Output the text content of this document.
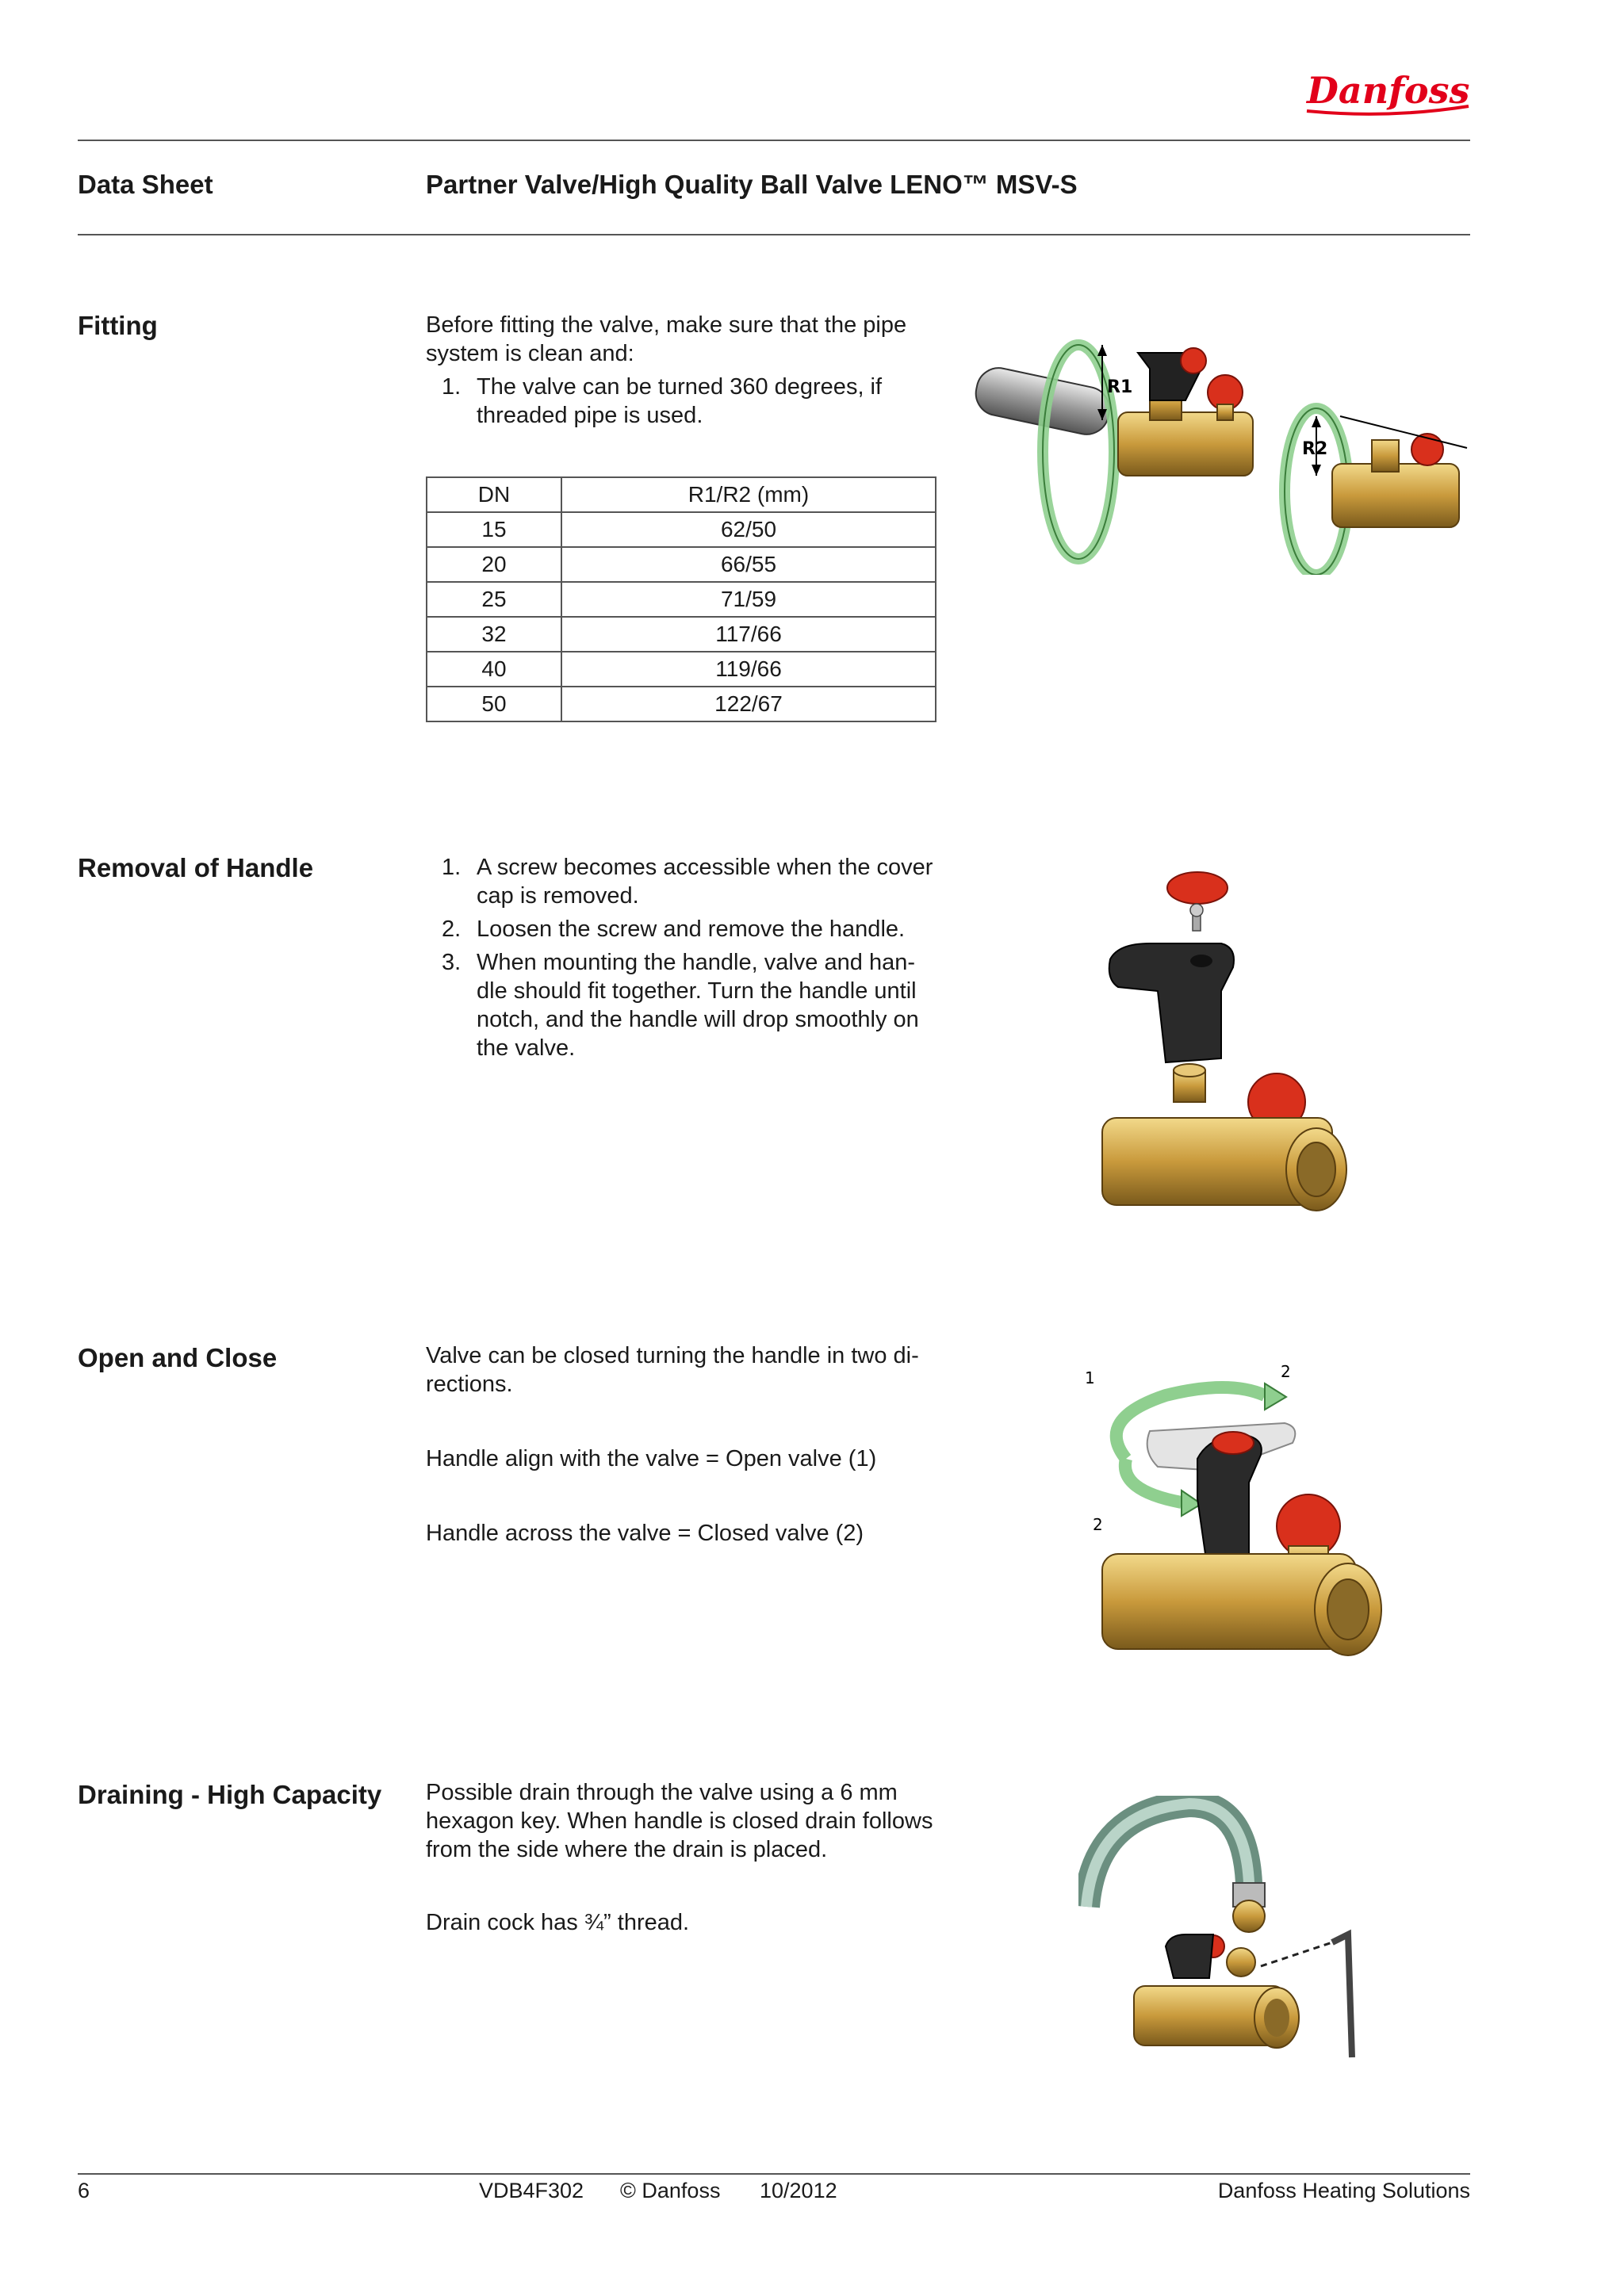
Danfoss
Data Sheet	Partner Valve/High Quality Ball Valve LENO™ MSV-S
Fitting	Before fitting the valve, make sure that the pipe system is clean and:

1. The valve can be turned 360 degrees, if threaded pipe is used.
DN	R1/R2 (mm)
15	62/50
20	66/55
25	71/59
32	117/66
40	119/66
50	122/67
R1
R2
Removal of Handle	1. A screw becomes accessible when the cover cap is removed.
2. Loosen the screw and remove the handle.
3. When mounting the handle, valve and han-dle should fit together. Turn the handle until notch, and the handle will drop smoothly on the valve.
Open and Close	Valve can be closed turning the handle in two di-rections.

Handle align with the valve = Open valve (1)

Handle across the valve = Closed valve (2)

1	2
2
Draining - High Capacity Possible drain through the valve using a 6 mm hexagon key. When handle is closed drain follows from the side where the drain is placed.

Drain cock has ¾” thread.

6	VDB4F302 © Danfoss 10/2012	Danfoss Heating Solutions
